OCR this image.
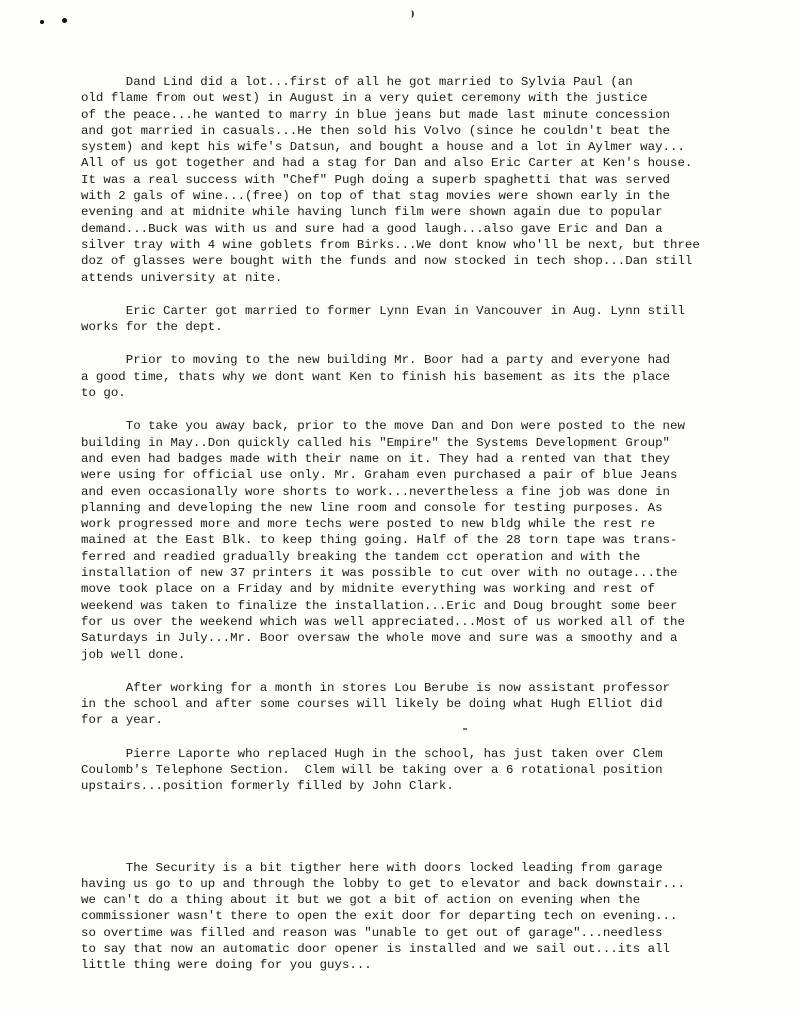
Dand Lind did a lot...first of all he got married to Sylvia Paul (an
old flame from out west) in August in a very quiet ceremony with the justice
of the peace...he wanted to marry in blue jeans but made last minute concession
and got married in casuals...He then sold his Volvo (since he couldn't beat the
system) and kept his wife's Datsun, and bought a house and a lot in Aylmer way...
All of us got together and had a stag for Dan and also Eric Carter at Ken's house.
It was a real success with "Chef" Pugh doing a superb spaghetti that was served
with 2 gals of wine...(free) on top of that stag movies were shown early in the
evening and at midnite while having lunch film were shown again due to popular
demand...Buck was with us and sure had a good laugh...also gave Eric and Dan a
silver tray with 4 wine goblets from Birks...We dont know who'll be next, but three
doz of glasses were bought with the funds and now stocked in tech shop...Dan still
attends university at nite.

Eric Carter got married to former Lynn Evan in Vancouver in Aug. Lynn still
works for the dept.

Prior to moving to the new building Mr. Boor had a party and everyone had
a good time, thats why we dont want Ken to finish his basement as its the place
to go.

To take you away back, prior to the move Dan and Don were posted to the new
building in May..Don quickly called his "Empire" the Systems Development Group"
and even had badges made with their name on it. They had a rented van that they
were using for official use only. Mr. Graham even purchased a pair of blue Jeans
and even occasionally wore shorts to work...nevertheless a fine job was done in
planning and developing the new line room and console for testing purposes. As
work progressed more and more techs were posted to new bldg while the rest re
mained at the East Blk. to keep thing going. Half of the 28 torn tape was trans-
ferred and readied gradually breaking the tandem cct operation and with the
installation of new 37 printers it was possible to cut over with no outage...the
move took place on a Friday and by midnite everything was working and rest of
weekend was taken to finalize the installation...Eric and Doug brought some beer
for us over the weekend which was well appreciated...Most of us worked all of the
Saturdays in July...Mr. Boor oversaw the whole move and sure was a smoothy and a
job well done.

After working for a month in stores Lou Berube is now assistant professor
in the school and after some courses will likely be doing what Hugh Elliot did
for a year.

Pierre Laporte who replaced Hugh in the school, has just taken over Clem
Coulomb's Telephone Section.  Clem will be taking over a 6 rotational position
upstairs...position formerly filled by John Clark.

The Security is a bit tigther here with doors locked leading from garage
having us go to up and through the lobby to get to elevator and back downstair...
we can't do a thing about it but we got a bit of action on evening when the
commissioner wasn't there to open the exit door for departing tech on evening...
so overtime was filled and reason was "unable to get out of garage"...needless
to say that now an automatic door opener is installed and we sail out...its all
little thing were doing for you guys...
